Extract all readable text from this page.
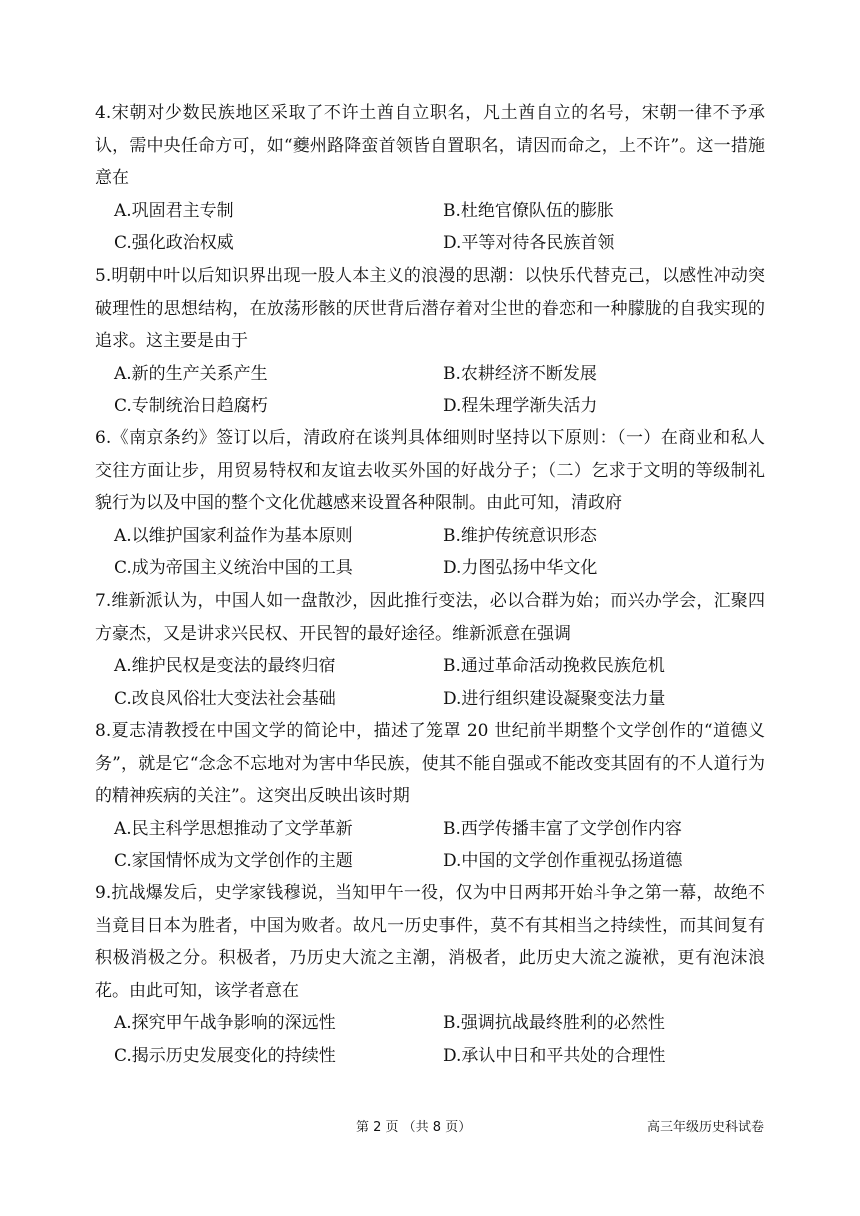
4.宋朝对少数民族地区采取了不许土酋自立职名，凡土酋自立的名号，宋朝一律不予承认，需中央任命方可，如“夔州路降蛮首领皆自置职名，请因而命之，上不许”。这一措施意在

A.巩固君主专制	B.杜绝官僚队伍的膨胀
C.强化政治权威	D.平等对待各民族首领

5.明朝中叶以后知识界出现一股人本主义的浪漫的思潮：以快乐代替克己，以感性冲动突破理性的思想结构，在放荡形骸的厌世背后潜存着对尘世的眷恋和一种朦胧的自我实现的追求。这主要是由于

A.新的生产关系产生	B.农耕经济不断发展
C.专制统治日趋腐朽	D.程朱理学渐失活力

6.《南京条约》签订以后，清政府在谈判具体细则时坚持以下原则：（一）在商业和私人交往方面让步，用贸易特权和友谊去收买外国的好战分子；（二）乞求于文明的等级制礼貌行为以及中国的整个文化优越感来设置各种限制。由此可知，清政府

A.以维护国家利益作为基本原则	B.维护传统意识形态
C.成为帝国主义统治中国的工具	D.力图弘扬中华文化

7.维新派认为，中国人如一盘散沙，因此推行变法，必以合群为始；而兴办学会，汇聚四方豪杰，又是讲求兴民权、开民智的最好途径。维新派意在强调

A.维护民权是变法的最终归宿	B.通过革命活动挽救民族危机
C.改良风俗壮大变法社会基础	D.进行组织建设凝聚变法力量

8.夏志清教授在中国文学的简论中，描述了笼罩 20 世纪前半期整个文学创作的“道德义务”，就是它“念念不忘地对为害中华民族，使其不能自强或不能改变其固有的不人道行为的精神疾病的关注”。这突出反映出该时期

A.民主科学思想推动了文学革新	B.西学传播丰富了文学创作内容
C.家国情怀成为文学创作的主题	D.中国的文学创作重视弘扬道德

9.抗战爆发后，史学家钱穆说，当知甲午一役，仅为中日两邦开始斗争之第一幕，故绝不当竟目日本为胜者，中国为败者。故凡一历史事件，莫不有其相当之持续性，而其间复有积极消极之分。积极者，乃历史大流之主潮，消极者，此历史大流之漩袱，更有泡沫浪花。由此可知，该学者意在

A.探究甲午战争影响的深远性	B.强调抗战最终胜利的必然性
C.揭示历史发展变化的持续性	D.承认中日和平共处的合理性
第 2 页 （共 8 页）	高三年级历史科试卷
